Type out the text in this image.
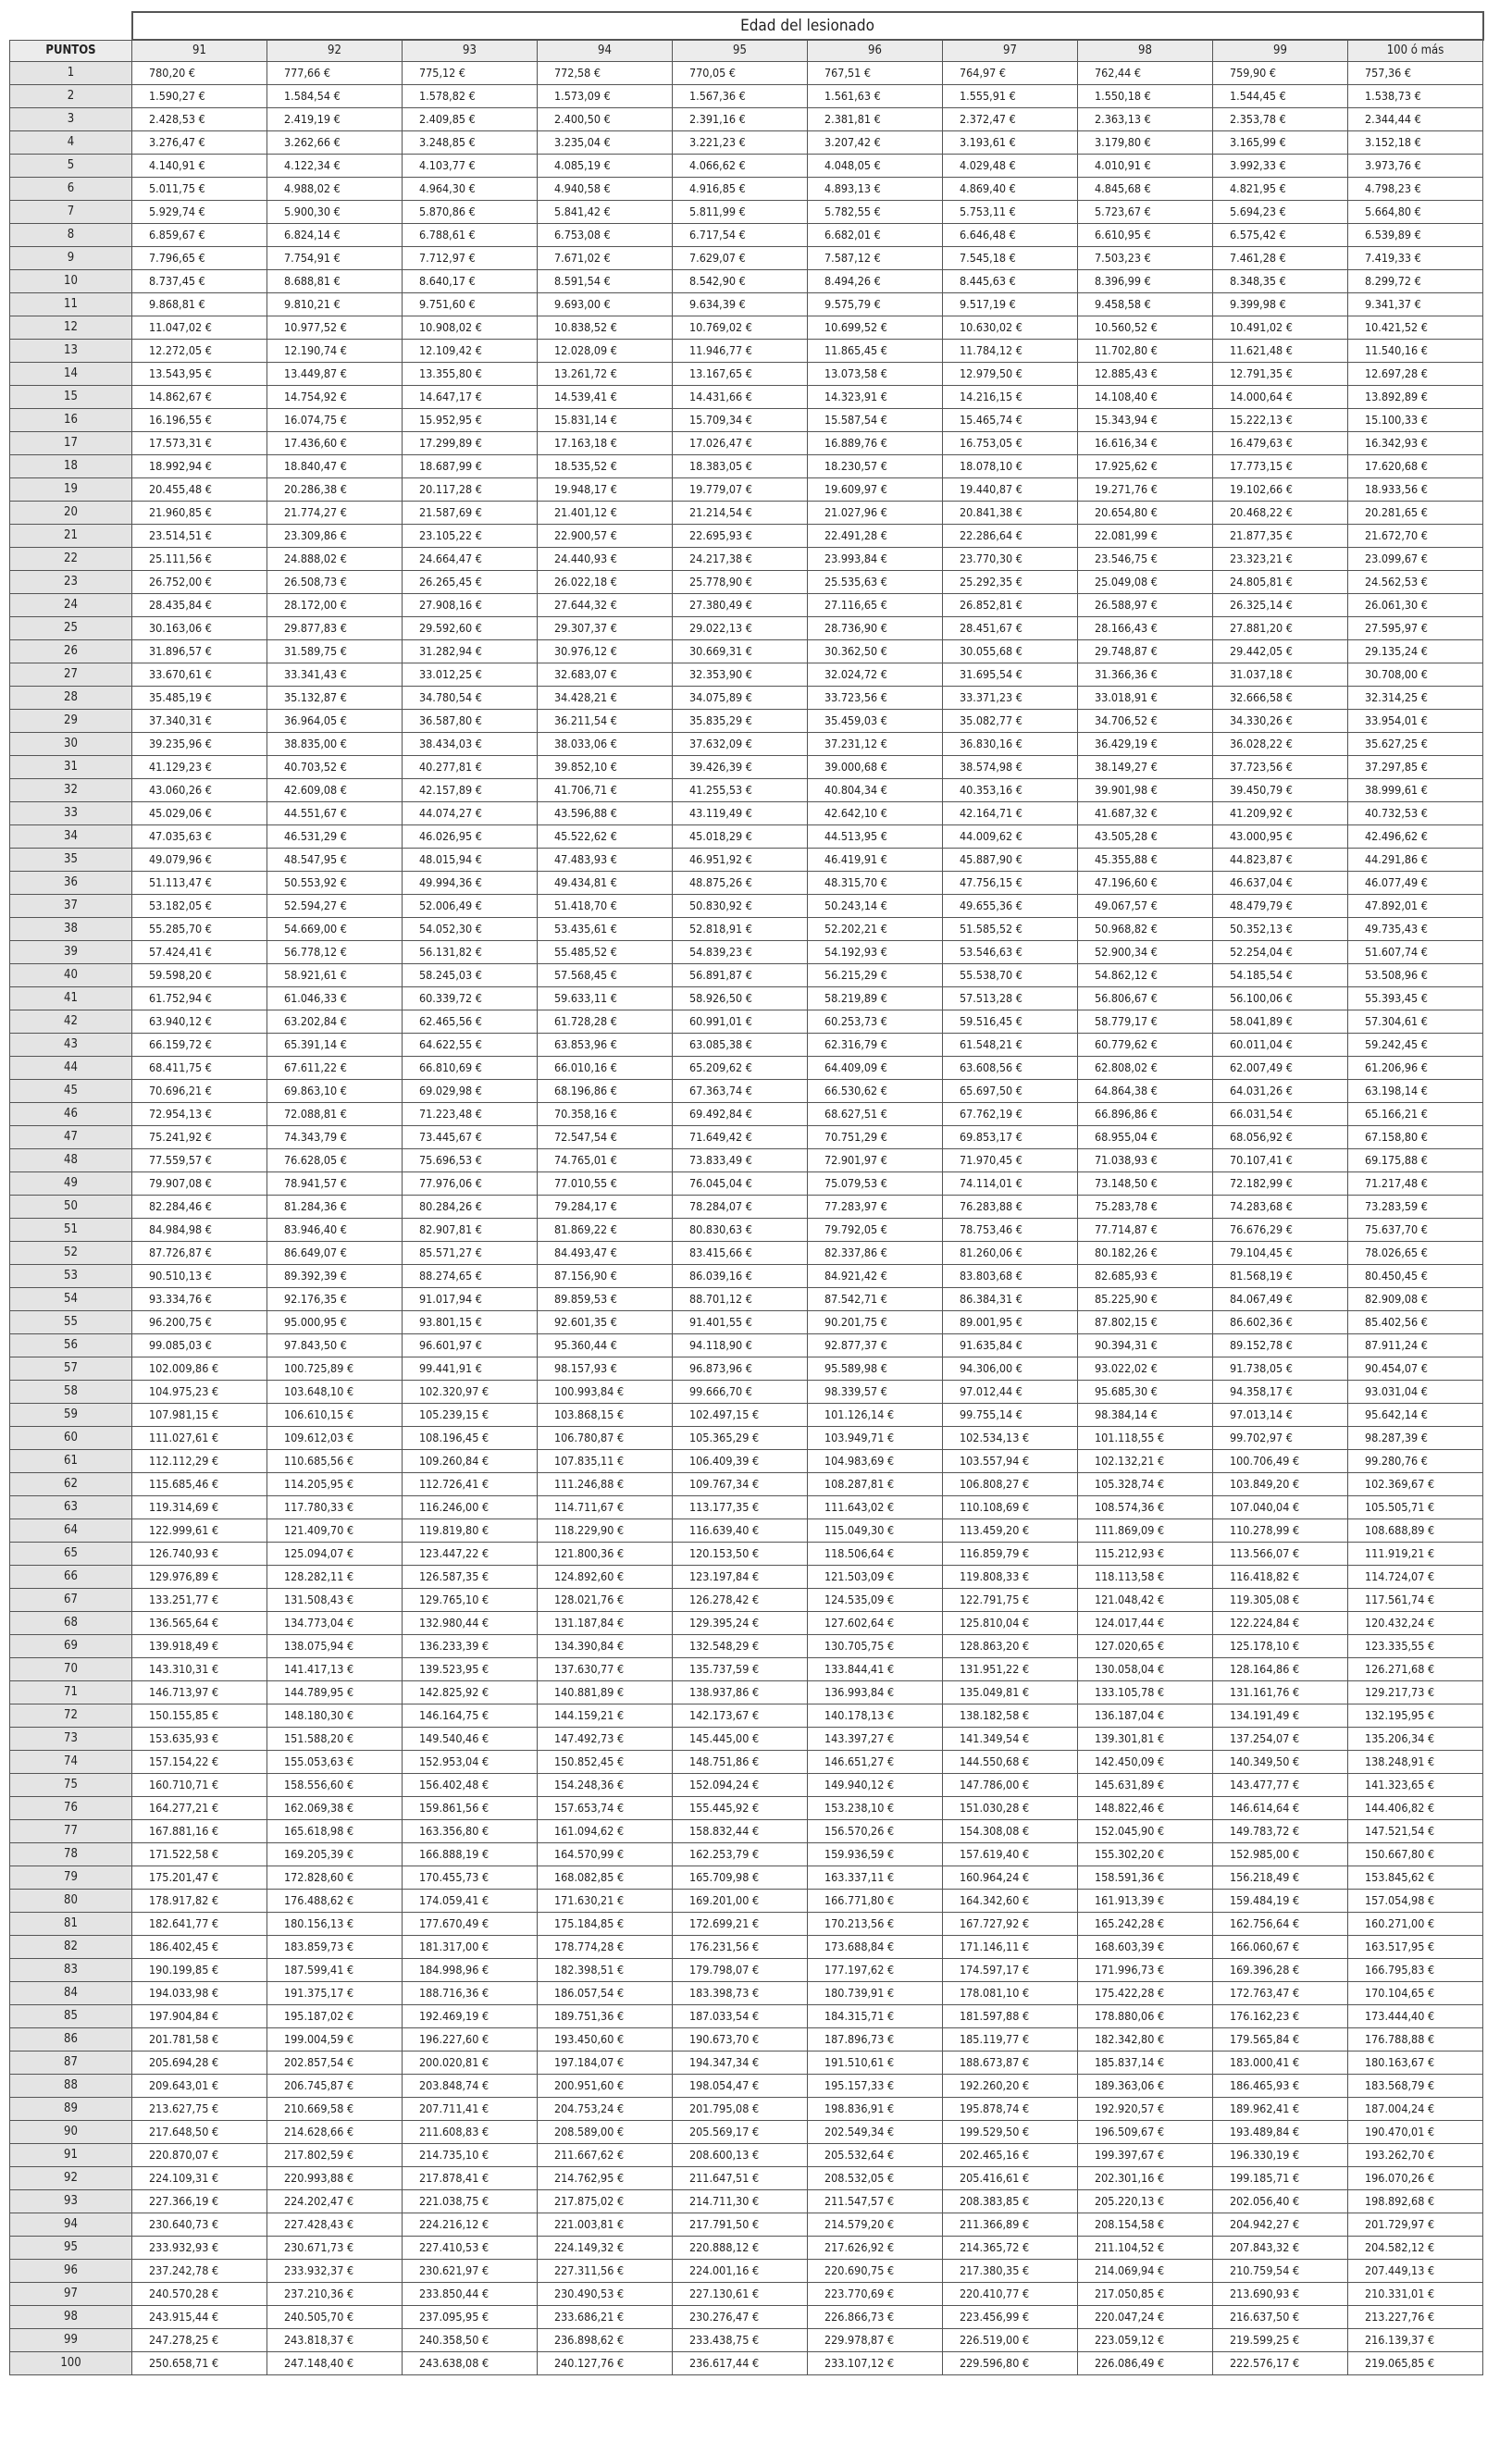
	Edad del lesionado									
PUNTOS	91	92	93	94	95	96	97	98	99	100 ó más
1	780,20 €	777,66 €	775,12 €	772,58 €	770,05 €	767,51 €	764,97 €	762,44 €	759,90 €	757,36 €
2	1.590,27 €	1.584,54 €	1.578,82 €	1.573,09 €	1.567,36 €	1.561,63 €	1.555,91 €	1.550,18 €	1.544,45 €	1.538,73 €
3	2.428,53 €	2.419,19 €	2.409,85 €	2.400,50 €	2.391,16 €	2.381,81 €	2.372,47 €	2.363,13 €	2.353,78 €	2.344,44 €
4	3.276,47 €	3.262,66 €	3.248,85 €	3.235,04 €	3.221,23 €	3.207,42 €	3.193,61 €	3.179,80 €	3.165,99 €	3.152,18 €
5	4.140,91 €	4.122,34 €	4.103,77 €	4.085,19 €	4.066,62 €	4.048,05 €	4.029,48 €	4.010,91 €	3.992,33 €	3.973,76 €
6	5.011,75 €	4.988,02 €	4.964,30 €	4.940,58 €	4.916,85 €	4.893,13 €	4.869,40 €	4.845,68 €	4.821,95 €	4.798,23 €
7	5.929,74 €	5.900,30 €	5.870,86 €	5.841,42 €	5.811,99 €	5.782,55 €	5.753,11 €	5.723,67 €	5.694,23 €	5.664,80 €
8	6.859,67 €	6.824,14 €	6.788,61 €	6.753,08 €	6.717,54 €	6.682,01 €	6.646,48 €	6.610,95 €	6.575,42 €	6.539,89 €
9	7.796,65 €	7.754,91 €	7.712,97 €	7.671,02 €	7.629,07 €	7.587,12 €	7.545,18 €	7.503,23 €	7.461,28 €	7.419,33 €
10	8.737,45 €	8.688,81 €	8.640,17 €	8.591,54 €	8.542,90 €	8.494,26 €	8.445,63 €	8.396,99 €	8.348,35 €	8.299,72 €
11	9.868,81 €	9.810,21 €	9.751,60 €	9.693,00 €	9.634,39 €	9.575,79 €	9.517,19 €	9.458,58 €	9.399,98 €	9.341,37 €
12	11.047,02 €	10.977,52 €	10.908,02 €	10.838,52 €	10.769,02 €	10.699,52 €	10.630,02 €	10.560,52 €	10.491,02 €	10.421,52 €
13	12.272,05 €	12.190,74 €	12.109,42 €	12.028,09 €	11.946,77 €	11.865,45 €	11.784,12 €	11.702,80 €	11.621,48 €	11.540,16 €
14	13.543,95 €	13.449,87 €	13.355,80 €	13.261,72 €	13.167,65 €	13.073,58 €	12.979,50 €	12.885,43 €	12.791,35 €	12.697,28 €
15	14.862,67 €	14.754,92 €	14.647,17 €	14.539,41 €	14.431,66 €	14.323,91 €	14.216,15 €	14.108,40 €	14.000,64 €	13.892,89 €
16	16.196,55 €	16.074,75 €	15.952,95 €	15.831,14 €	15.709,34 €	15.587,54 €	15.465,74 €	15.343,94 €	15.222,13 €	15.100,33 €
17	17.573,31 €	17.436,60 €	17.299,89 €	17.163,18 €	17.026,47 €	16.889,76 €	16.753,05 €	16.616,34 €	16.479,63 €	16.342,93 €
18	18.992,94 €	18.840,47 €	18.687,99 €	18.535,52 €	18.383,05 €	18.230,57 €	18.078,10 €	17.925,62 €	17.773,15 €	17.620,68 €
19	20.455,48 €	20.286,38 €	20.117,28 €	19.948,17 €	19.779,07 €	19.609,97 €	19.440,87 €	19.271,76 €	19.102,66 €	18.933,56 €
20	21.960,85 €	21.774,27 €	21.587,69 €	21.401,12 €	21.214,54 €	21.027,96 €	20.841,38 €	20.654,80 €	20.468,22 €	20.281,65 €
21	23.514,51 €	23.309,86 €	23.105,22 €	22.900,57 €	22.695,93 €	22.491,28 €	22.286,64 €	22.081,99 €	21.877,35 €	21.672,70 €
22	25.111,56 €	24.888,02 €	24.664,47 €	24.440,93 €	24.217,38 €	23.993,84 €	23.770,30 €	23.546,75 €	23.323,21 €	23.099,67 €
23	26.752,00 €	26.508,73 €	26.265,45 €	26.022,18 €	25.778,90 €	25.535,63 €	25.292,35 €	25.049,08 €	24.805,81 €	24.562,53 €
24	28.435,84 €	28.172,00 €	27.908,16 €	27.644,32 €	27.380,49 €	27.116,65 €	26.852,81 €	26.588,97 €	26.325,14 €	26.061,30 €
25	30.163,06 €	29.877,83 €	29.592,60 €	29.307,37 €	29.022,13 €	28.736,90 €	28.451,67 €	28.166,43 €	27.881,20 €	27.595,97 €
26	31.896,57 €	31.589,75 €	31.282,94 €	30.976,12 €	30.669,31 €	30.362,50 €	30.055,68 €	29.748,87 €	29.442,05 €	29.135,24 €
27	33.670,61 €	33.341,43 €	33.012,25 €	32.683,07 €	32.353,90 €	32.024,72 €	31.695,54 €	31.366,36 €	31.037,18 €	30.708,00 €
28	35.485,19 €	35.132,87 €	34.780,54 €	34.428,21 €	34.075,89 €	33.723,56 €	33.371,23 €	33.018,91 €	32.666,58 €	32.314,25 €
29	37.340,31 €	36.964,05 €	36.587,80 €	36.211,54 €	35.835,29 €	35.459,03 €	35.082,77 €	34.706,52 €	34.330,26 €	33.954,01 €
30	39.235,96 €	38.835,00 €	38.434,03 €	38.033,06 €	37.632,09 €	37.231,12 €	36.830,16 €	36.429,19 €	36.028,22 €	35.627,25 €
31	41.129,23 €	40.703,52 €	40.277,81 €	39.852,10 €	39.426,39 €	39.000,68 €	38.574,98 €	38.149,27 €	37.723,56 €	37.297,85 €
32	43.060,26 €	42.609,08 €	42.157,89 €	41.706,71 €	41.255,53 €	40.804,34 €	40.353,16 €	39.901,98 €	39.450,79 €	38.999,61 €
33	45.029,06 €	44.551,67 €	44.074,27 €	43.596,88 €	43.119,49 €	42.642,10 €	42.164,71 €	41.687,32 €	41.209,92 €	40.732,53 €
34	47.035,63 €	46.531,29 €	46.026,95 €	45.522,62 €	45.018,29 €	44.513,95 €	44.009,62 €	43.505,28 €	43.000,95 €	42.496,62 €
35	49.079,96 €	48.547,95 €	48.015,94 €	47.483,93 €	46.951,92 €	46.419,91 €	45.887,90 €	45.355,88 €	44.823,87 €	44.291,86 €
36	51.113,47 €	50.553,92 €	49.994,36 €	49.434,81 €	48.875,26 €	48.315,70 €	47.756,15 €	47.196,60 €	46.637,04 €	46.077,49 €
37	53.182,05 €	52.594,27 €	52.006,49 €	51.418,70 €	50.830,92 €	50.243,14 €	49.655,36 €	49.067,57 €	48.479,79 €	47.892,01 €
38	55.285,70 €	54.669,00 €	54.052,30 €	53.435,61 €	52.818,91 €	52.202,21 €	51.585,52 €	50.968,82 €	50.352,13 €	49.735,43 €
39	57.424,41 €	56.778,12 €	56.131,82 €	55.485,52 €	54.839,23 €	54.192,93 €	53.546,63 €	52.900,34 €	52.254,04 €	51.607,74 €
40	59.598,20 €	58.921,61 €	58.245,03 €	57.568,45 €	56.891,87 €	56.215,29 €	55.538,70 €	54.862,12 €	54.185,54 €	53.508,96 €
41	61.752,94 €	61.046,33 €	60.339,72 €	59.633,11 €	58.926,50 €	58.219,89 €	57.513,28 €	56.806,67 €	56.100,06 €	55.393,45 €
42	63.940,12 €	63.202,84 €	62.465,56 €	61.728,28 €	60.991,01 €	60.253,73 €	59.516,45 €	58.779,17 €	58.041,89 €	57.304,61 €
43	66.159,72 €	65.391,14 €	64.622,55 €	63.853,96 €	63.085,38 €	62.316,79 €	61.548,21 €	60.779,62 €	60.011,04 €	59.242,45 €
44	68.411,75 €	67.611,22 €	66.810,69 €	66.010,16 €	65.209,62 €	64.409,09 €	63.608,56 €	62.808,02 €	62.007,49 €	61.206,96 €
45	70.696,21 €	69.863,10 €	69.029,98 €	68.196,86 €	67.363,74 €	66.530,62 €	65.697,50 €	64.864,38 €	64.031,26 €	63.198,14 €
46	72.954,13 €	72.088,81 €	71.223,48 €	70.358,16 €	69.492,84 €	68.627,51 €	67.762,19 €	66.896,86 €	66.031,54 €	65.166,21 €
47	75.241,92 €	74.343,79 €	73.445,67 €	72.547,54 €	71.649,42 €	70.751,29 €	69.853,17 €	68.955,04 €	68.056,92 €	67.158,80 €
48	77.559,57 €	76.628,05 €	75.696,53 €	74.765,01 €	73.833,49 €	72.901,97 €	71.970,45 €	71.038,93 €	70.107,41 €	69.175,88 €
49	79.907,08 €	78.941,57 €	77.976,06 €	77.010,55 €	76.045,04 €	75.079,53 €	74.114,01 €	73.148,50 €	72.182,99 €	71.217,48 €
50	82.284,46 €	81.284,36 €	80.284,26 €	79.284,17 €	78.284,07 €	77.283,97 €	76.283,88 €	75.283,78 €	74.283,68 €	73.283,59 €
51	84.984,98 €	83.946,40 €	82.907,81 €	81.869,22 €	80.830,63 €	79.792,05 €	78.753,46 €	77.714,87 €	76.676,29 €	75.637,70 €
52	87.726,87 €	86.649,07 €	85.571,27 €	84.493,47 €	83.415,66 €	82.337,86 €	81.260,06 €	80.182,26 €	79.104,45 €	78.026,65 €
53	90.510,13 €	89.392,39 €	88.274,65 €	87.156,90 €	86.039,16 €	84.921,42 €	83.803,68 €	82.685,93 €	81.568,19 €	80.450,45 €
54	93.334,76 €	92.176,35 €	91.017,94 €	89.859,53 €	88.701,12 €	87.542,71 €	86.384,31 €	85.225,90 €	84.067,49 €	82.909,08 €
55	96.200,75 €	95.000,95 €	93.801,15 €	92.601,35 €	91.401,55 €	90.201,75 €	89.001,95 €	87.802,15 €	86.602,36 €	85.402,56 €
56	99.085,03 €	97.843,50 €	96.601,97 €	95.360,44 €	94.118,90 €	92.877,37 €	91.635,84 €	90.394,31 €	89.152,78 €	87.911,24 €
57	102.009,86 €	100.725,89 €	99.441,91 €	98.157,93 €	96.873,96 €	95.589,98 €	94.306,00 €	93.022,02 €	91.738,05 €	90.454,07 €
58	104.975,23 €	103.648,10 €	102.320,97 €	100.993,84 €	99.666,70 €	98.339,57 €	97.012,44 €	95.685,30 €	94.358,17 €	93.031,04 €
59	107.981,15 €	106.610,15 €	105.239,15 €	103.868,15 €	102.497,15 €	101.126,14 €	99.755,14 €	98.384,14 €	97.013,14 €	95.642,14 €
60	111.027,61 €	109.612,03 €	108.196,45 €	106.780,87 €	105.365,29 €	103.949,71 €	102.534,13 €	101.118,55 €	99.702,97 €	98.287,39 €
61	112.112,29 €	110.685,56 €	109.260,84 €	107.835,11 €	106.409,39 €	104.983,69 €	103.557,94 €	102.132,21 €	100.706,49 €	99.280,76 €
62	115.685,46 €	114.205,95 €	112.726,41 €	111.246,88 €	109.767,34 €	108.287,81 €	106.808,27 €	105.328,74 €	103.849,20 €	102.369,67 €
63	119.314,69 €	117.780,33 €	116.246,00 €	114.711,67 €	113.177,35 €	111.643,02 €	110.108,69 €	108.574,36 €	107.040,04 €	105.505,71 €
64	122.999,61 €	121.409,70 €	119.819,80 €	118.229,90 €	116.639,40 €	115.049,30 €	113.459,20 €	111.869,09 €	110.278,99 €	108.688,89 €
65	126.740,93 €	125.094,07 €	123.447,22 €	121.800,36 €	120.153,50 €	118.506,64 €	116.859,79 €	115.212,93 €	113.566,07 €	111.919,21 €
66	129.976,89 €	128.282,11 €	126.587,35 €	124.892,60 €	123.197,84 €	121.503,09 €	119.808,33 €	118.113,58 €	116.418,82 €	114.724,07 €
67	133.251,77 €	131.508,43 €	129.765,10 €	128.021,76 €	126.278,42 €	124.535,09 €	122.791,75 €	121.048,42 €	119.305,08 €	117.561,74 €
68	136.565,64 €	134.773,04 €	132.980,44 €	131.187,84 €	129.395,24 €	127.602,64 €	125.810,04 €	124.017,44 €	122.224,84 €	120.432,24 €
69	139.918,49 €	138.075,94 €	136.233,39 €	134.390,84 €	132.548,29 €	130.705,75 €	128.863,20 €	127.020,65 €	125.178,10 €	123.335,55 €
70	143.310,31 €	141.417,13 €	139.523,95 €	137.630,77 €	135.737,59 €	133.844,41 €	131.951,22 €	130.058,04 €	128.164,86 €	126.271,68 €
71	146.713,97 €	144.789,95 €	142.825,92 €	140.881,89 €	138.937,86 €	136.993,84 €	135.049,81 €	133.105,78 €	131.161,76 €	129.217,73 €
72	150.155,85 €	148.180,30 €	146.164,75 €	144.159,21 €	142.173,67 €	140.178,13 €	138.182,58 €	136.187,04 €	134.191,49 €	132.195,95 €
73	153.635,93 €	151.588,20 €	149.540,46 €	147.492,73 €	145.445,00 €	143.397,27 €	141.349,54 €	139.301,81 €	137.254,07 €	135.206,34 €
74	157.154,22 €	155.053,63 €	152.953,04 €	150.852,45 €	148.751,86 €	146.651,27 €	144.550,68 €	142.450,09 €	140.349,50 €	138.248,91 €
75	160.710,71 €	158.556,60 €	156.402,48 €	154.248,36 €	152.094,24 €	149.940,12 €	147.786,00 €	145.631,89 €	143.477,77 €	141.323,65 €
76	164.277,21 €	162.069,38 €	159.861,56 €	157.653,74 €	155.445,92 €	153.238,10 €	151.030,28 €	148.822,46 €	146.614,64 €	144.406,82 €
77	167.881,16 €	165.618,98 €	163.356,80 €	161.094,62 €	158.832,44 €	156.570,26 €	154.308,08 €	152.045,90 €	149.783,72 €	147.521,54 €
78	171.522,58 €	169.205,39 €	166.888,19 €	164.570,99 €	162.253,79 €	159.936,59 €	157.619,40 €	155.302,20 €	152.985,00 €	150.667,80 €
79	175.201,47 €	172.828,60 €	170.455,73 €	168.082,85 €	165.709,98 €	163.337,11 €	160.964,24 €	158.591,36 €	156.218,49 €	153.845,62 €
80	178.917,82 €	176.488,62 €	174.059,41 €	171.630,21 €	169.201,00 €	166.771,80 €	164.342,60 €	161.913,39 €	159.484,19 €	157.054,98 €
81	182.641,77 €	180.156,13 €	177.670,49 €	175.184,85 €	172.699,21 €	170.213,56 €	167.727,92 €	165.242,28 €	162.756,64 €	160.271,00 €
82	186.402,45 €	183.859,73 €	181.317,00 €	178.774,28 €	176.231,56 €	173.688,84 €	171.146,11 €	168.603,39 €	166.060,67 €	163.517,95 €
83	190.199,85 €	187.599,41 €	184.998,96 €	182.398,51 €	179.798,07 €	177.197,62 €	174.597,17 €	171.996,73 €	169.396,28 €	166.795,83 €
84	194.033,98 €	191.375,17 €	188.716,36 €	186.057,54 €	183.398,73 €	180.739,91 €	178.081,10 €	175.422,28 €	172.763,47 €	170.104,65 €
85	197.904,84 €	195.187,02 €	192.469,19 €	189.751,36 €	187.033,54 €	184.315,71 €	181.597,88 €	178.880,06 €	176.162,23 €	173.444,40 €
86	201.781,58 €	199.004,59 €	196.227,60 €	193.450,60 €	190.673,70 €	187.896,73 €	185.119,77 €	182.342,80 €	179.565,84 €	176.788,88 €
87	205.694,28 €	202.857,54 €	200.020,81 €	197.184,07 €	194.347,34 €	191.510,61 €	188.673,87 €	185.837,14 €	183.000,41 €	180.163,67 €
88	209.643,01 €	206.745,87 €	203.848,74 €	200.951,60 €	198.054,47 €	195.157,33 €	192.260,20 €	189.363,06 €	186.465,93 €	183.568,79 €
89	213.627,75 €	210.669,58 €	207.711,41 €	204.753,24 €	201.795,08 €	198.836,91 €	195.878,74 €	192.920,57 €	189.962,41 €	187.004,24 €
90	217.648,50 €	214.628,66 €	211.608,83 €	208.589,00 €	205.569,17 €	202.549,34 €	199.529,50 €	196.509,67 €	193.489,84 €	190.470,01 €
91	220.870,07 €	217.802,59 €	214.735,10 €	211.667,62 €	208.600,13 €	205.532,64 €	202.465,16 €	199.397,67 €	196.330,19 €	193.262,70 €
92	224.109,31 €	220.993,88 €	217.878,41 €	214.762,95 €	211.647,51 €	208.532,05 €	205.416,61 €	202.301,16 €	199.185,71 €	196.070,26 €
93	227.366,19 €	224.202,47 €	221.038,75 €	217.875,02 €	214.711,30 €	211.547,57 €	208.383,85 €	205.220,13 €	202.056,40 €	198.892,68 €
94	230.640,73 €	227.428,43 €	224.216,12 €	221.003,81 €	217.791,50 €	214.579,20 €	211.366,89 €	208.154,58 €	204.942,27 €	201.729,97 €
95	233.932,93 €	230.671,73 €	227.410,53 €	224.149,32 €	220.888,12 €	217.626,92 €	214.365,72 €	211.104,52 €	207.843,32 €	204.582,12 €
96	237.242,78 €	233.932,37 €	230.621,97 €	227.311,56 €	224.001,16 €	220.690,75 €	217.380,35 €	214.069,94 €	210.759,54 €	207.449,13 €
97	240.570,28 €	237.210,36 €	233.850,44 €	230.490,53 €	227.130,61 €	223.770,69 €	220.410,77 €	217.050,85 €	213.690,93 €	210.331,01 €
98	243.915,44 €	240.505,70 €	237.095,95 €	233.686,21 €	230.276,47 €	226.866,73 €	223.456,99 €	220.047,24 €	216.637,50 €	213.227,76 €
99	247.278,25 €	243.818,37 €	240.358,50 €	236.898,62 €	233.438,75 €	229.978,87 €	226.519,00 €	223.059,12 €	219.599,25 €	216.139,37 €
100	250.658,71 €	247.148,40 €	243.638,08 €	240.127,76 €	236.617,44 €	233.107,12 €	229.596,80 €	226.086,49 €	222.576,17 €	219.065,85 €
